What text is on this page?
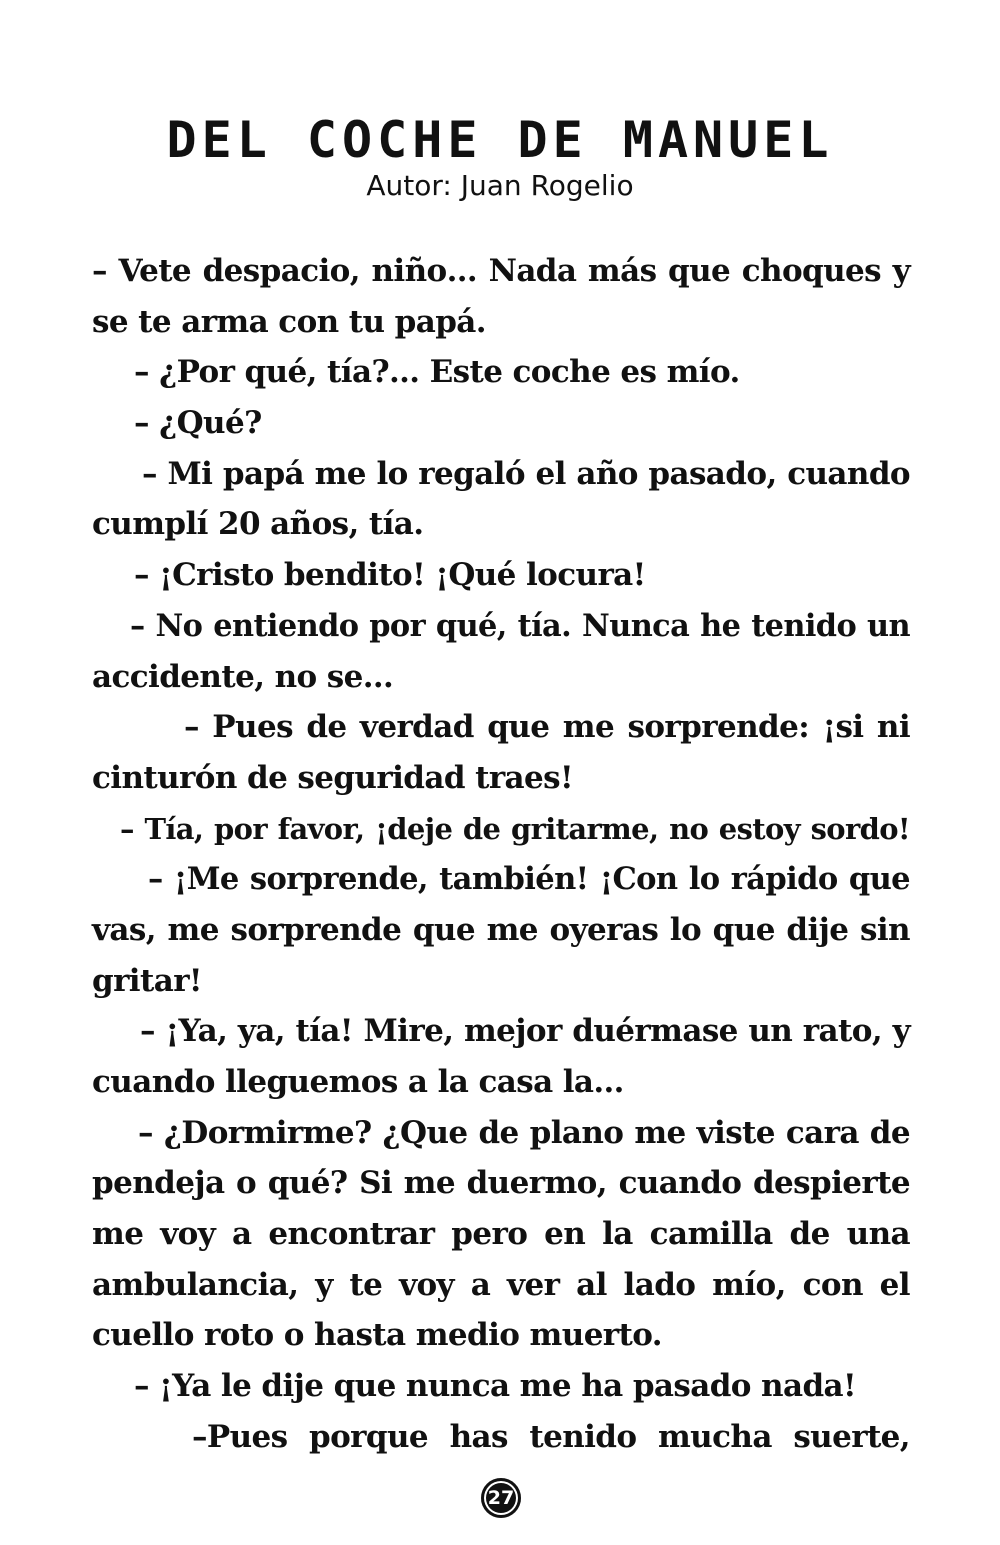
DEL COCHE DE MANUEL
Autor: Juan Rogelio
– Vete despacio, niño… Nada más que choques y
se te arma con tu papá.
– ¿Por qué, tía?… Este coche es mío.
– ¿Qué?
– Mi papá me lo regaló el año pasado, cuando
cumplí 20 años, tía.
– ¡Cristo bendito! ¡Qué locura!
– No entiendo por qué, tía. Nunca he tenido un
accidente, no se…
– Pues de verdad que me sorprende: ¡si ni
cinturón de seguridad traes!
– Tía, por favor, ¡deje de gritarme, no estoy sordo!
– ¡Me sorprende, también! ¡Con lo rápido que
vas, me sorprende que me oyeras lo que dije sin
gritar!
– ¡Ya, ya, tía! Mire, mejor duérmase un rato, y
cuando lleguemos a la casa la…
– ¿Dormirme? ¿Que de plano me viste cara de
pendeja o qué? Si me duermo, cuando despierte
me voy a encontrar pero en la camilla de una
ambulancia, y te voy a ver al lado mío, con el
cuello roto o hasta medio muerto.
– ¡Ya le dije que nunca me ha pasado nada!
–Pues porque has tenido mucha suerte,
27
